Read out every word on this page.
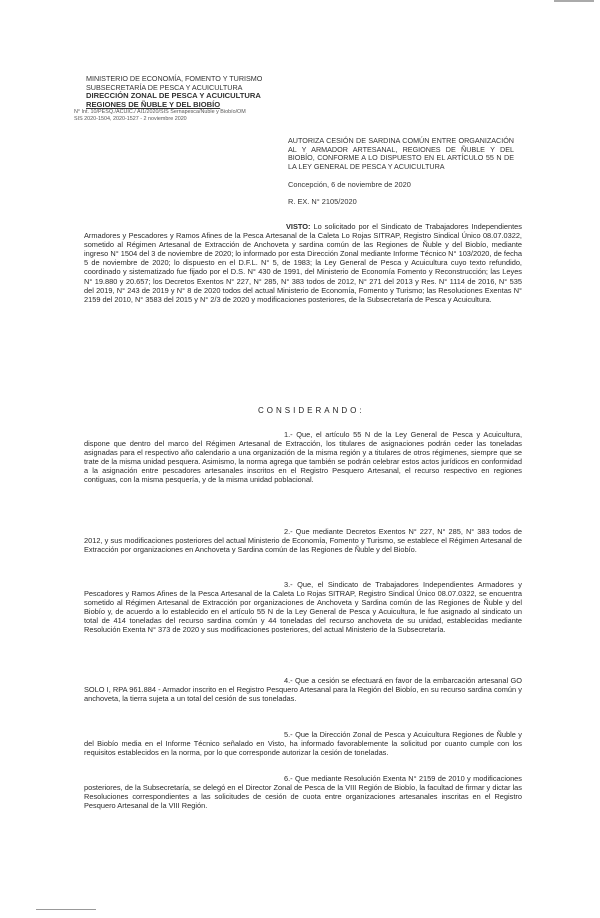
MINISTERIO DE ECONOMÍA, FOMENTO Y TURISMO
SUBSECRETARÍA DE PESCA Y ACUICULTURA
DIRECCIÓN ZONAL DE PESCA Y ACUICULTURA
REGIONES DE ÑUBLE Y DEL BIOBÍO
N° Int. 10/PESQ./ACUIC./ AI1/2020/SIS Sernapesca/Ñuble y Biobío/OM
SIS 2020-1504, 2020-1527 - 2 noviembre 2020
AUTORIZA CESIÓN DE SARDINA COMÚN ENTRE ORGANIZACIÓN AL Y ARMADOR ARTESANAL, REGIONES DE ÑUBLE Y DEL BIOBÍO, CONFORME A LO DISPUESTO EN EL ARTÍCULO 55 N DE LA LEY GENERAL DE PESCA Y ACUICULTURA
Concepción, 6 de noviembre de 2020
R. EX. N° 2105/2020
VISTO: Lo solicitado por el Sindicato de Trabajadores Independientes Armadores y Pescadores y Ramos Afines de la Pesca Artesanal de la Caleta Lo Rojas SITRAP, Registro Sindical Único 08.07.0322, sometido al Régimen Artesanal de Extracción de Anchoveta y sardina común de las Regiones de Ñuble y del Biobío, mediante ingreso N° 1504 del 3 de noviembre de 2020; lo informado por esta Dirección Zonal mediante Informe Técnico N° 103/2020, de fecha 5 de noviembre de 2020; lo dispuesto en el D.F.L. N° 5, de 1983; la Ley General de Pesca y Acuicultura cuyo texto refundido, coordinado y sistematizado fue fijado por el D.S. N° 430 de 1991, del Ministerio de Economía Fomento y Reconstrucción; las Leyes N° 19.880 y 20.657; los Decretos Exentos N° 227, N° 285, N° 383 todos de 2012, N° 271 del 2013 y Res. N° 1114 de 2016, N° 535 del 2019, N° 243 de 2019 y N° 8 de 2020 todos del actual Ministerio de Economía, Fomento y Turismo; las Resoluciones Exentas N° 2159 del 2010, N° 3583 del 2015 y N° 2/3 de 2020 y modificaciones posteriores, de la Subsecretaría de Pesca y Acuicultura.
CONSIDERANDO:
1.- Que, el artículo 55 N de la Ley General de Pesca y Acuicultura, dispone que dentro del marco del Régimen Artesanal de Extracción, los titulares de asignaciones podrán ceder las toneladas asignadas para el respectivo año calendario a una organización de la misma región y a titulares de otros régimenes, siempre que se trate de la misma unidad pesquera. Asimismo, la norma agrega que también se podrán celebrar estos actos jurídicos en conformidad a la asignación entre pescadores artesanales inscritos en el Registro Pesquero Artesanal, el recurso respectivo en regiones contiguas, con la misma pesquería, y de la misma unidad poblacional.
2.- Que mediante Decretos Exentos N° 227, N° 285, N° 383 todos de 2012, y sus modificaciones posteriores del actual Ministerio de Economía, Fomento y Turismo, se establece el Régimen Artesanal de Extracción por organizaciones en Anchoveta y Sardina común de las Regiones de Ñuble y del Biobío.
3.- Que, el Sindicato de Trabajadores Independientes Armadores y Pescadores y Ramos Afines de la Pesca Artesanal de la Caleta Lo Rojas SITRAP, Registro Sindical Único 08.07.0322, se encuentra sometido al Régimen Artesanal de Extracción por organizaciones de Anchoveta y Sardina común de las Regiones de Ñuble y del Biobío y, de acuerdo a lo establecido en el artículo 55 N de la Ley General de Pesca y Acuicultura, le fue asignado al sindicato un total de 414 toneladas del recurso sardina común y 44 toneladas del recurso anchoveta de su unidad, establecidas mediante Resolución Exenta N° 373 de 2020 y sus modificaciones posteriores, del actual Ministerio de la Subsecretaría.
4.- Que a cesión se efectuará en favor de la embarcación artesanal GO SOLO I, RPA 961.884 - Armador inscrito en el Registro Pesquero Artesanal para la Región del Biobío, en su recurso sardina común y anchoveta, la tierra sujeta a un total del cesión de sus toneladas.
5.- Que la Dirección Zonal de Pesca y Acuicultura Regiones de Ñuble y del Biobío media en el Informe Técnico señalado en Visto, ha informado favorablemente la solicitud por cuanto cumple con los requisitos establecidos en la norma, por lo que corresponde autorizar la cesión de toneladas.
6.- Que mediante Resolución Exenta N° 2159 de 2010 y modificaciones posteriores, de la Subsecretaría, se delegó en el Director Zonal de Pesca de la VIII Región de Biobío, la facultad de firmar y dictar las Resoluciones correspondientes a las solicitudes de cesión de cuota entre organizaciones artesanales inscritas en el Registro Pesquero Artesanal de la VIII Región.
